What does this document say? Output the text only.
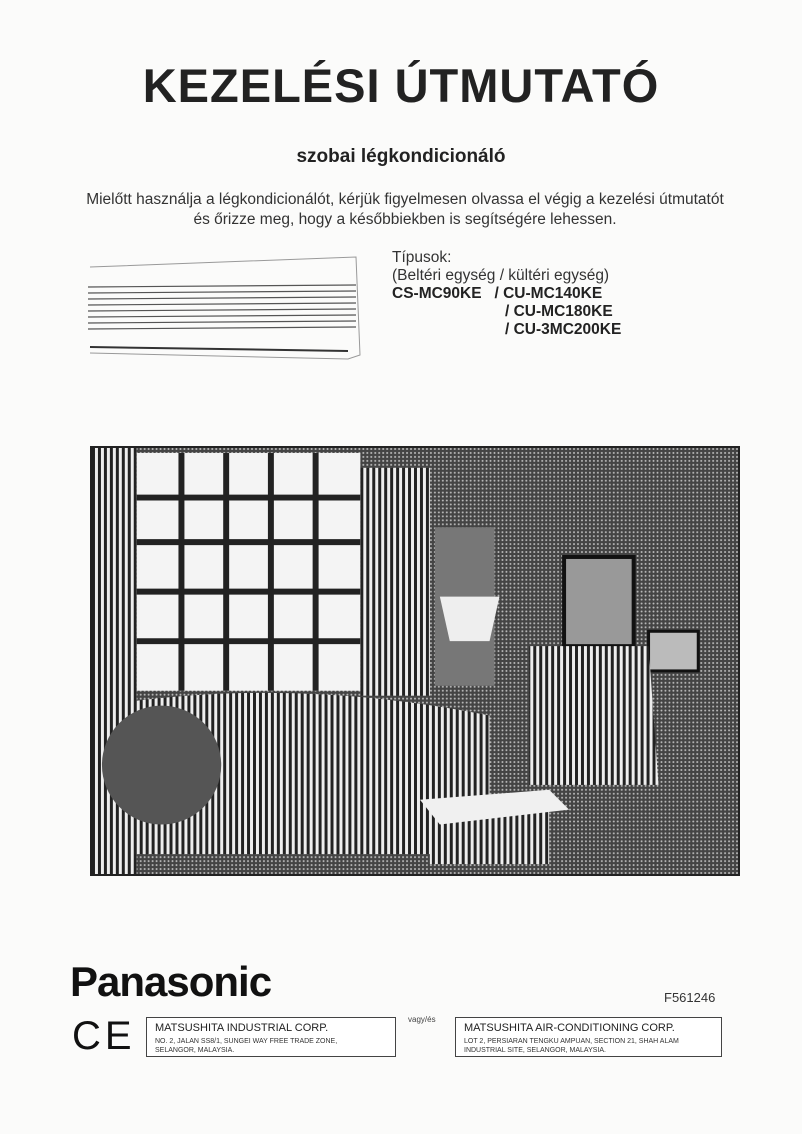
KEZELÉSI ÚTMUTATÓ
szobai légkondicionáló
Mielőtt használja a légkondicionálót, kérjük figyelmesen olvassa el végig a kezelési útmutatót
és őrizze meg, hogy a későbbiekben is segítségére lehessen.
Típusok:
(Beltéri egység / kültéri egység)
CS-MC90KE / CU-MC140KE
/ CU-MC180KE
/ CU-3MC200KE
Panasonic	F561246
CE MATSUSHITA INDUSTRIAL CORP.
NO. 2, JALAN SS8/1, SUNGEI WAY FREE TRADE ZONE,
SELANGOR, MALAYSIA.
vagy/és
MATSUSHITA AIR-CONDITIONING CORP.
LOT 2, PERSIARAN TENGKU AMPUAN, SECTION 21, SHAH ALAM
INDUSTRIAL SITE, SELANGOR, MALAYSIA.
